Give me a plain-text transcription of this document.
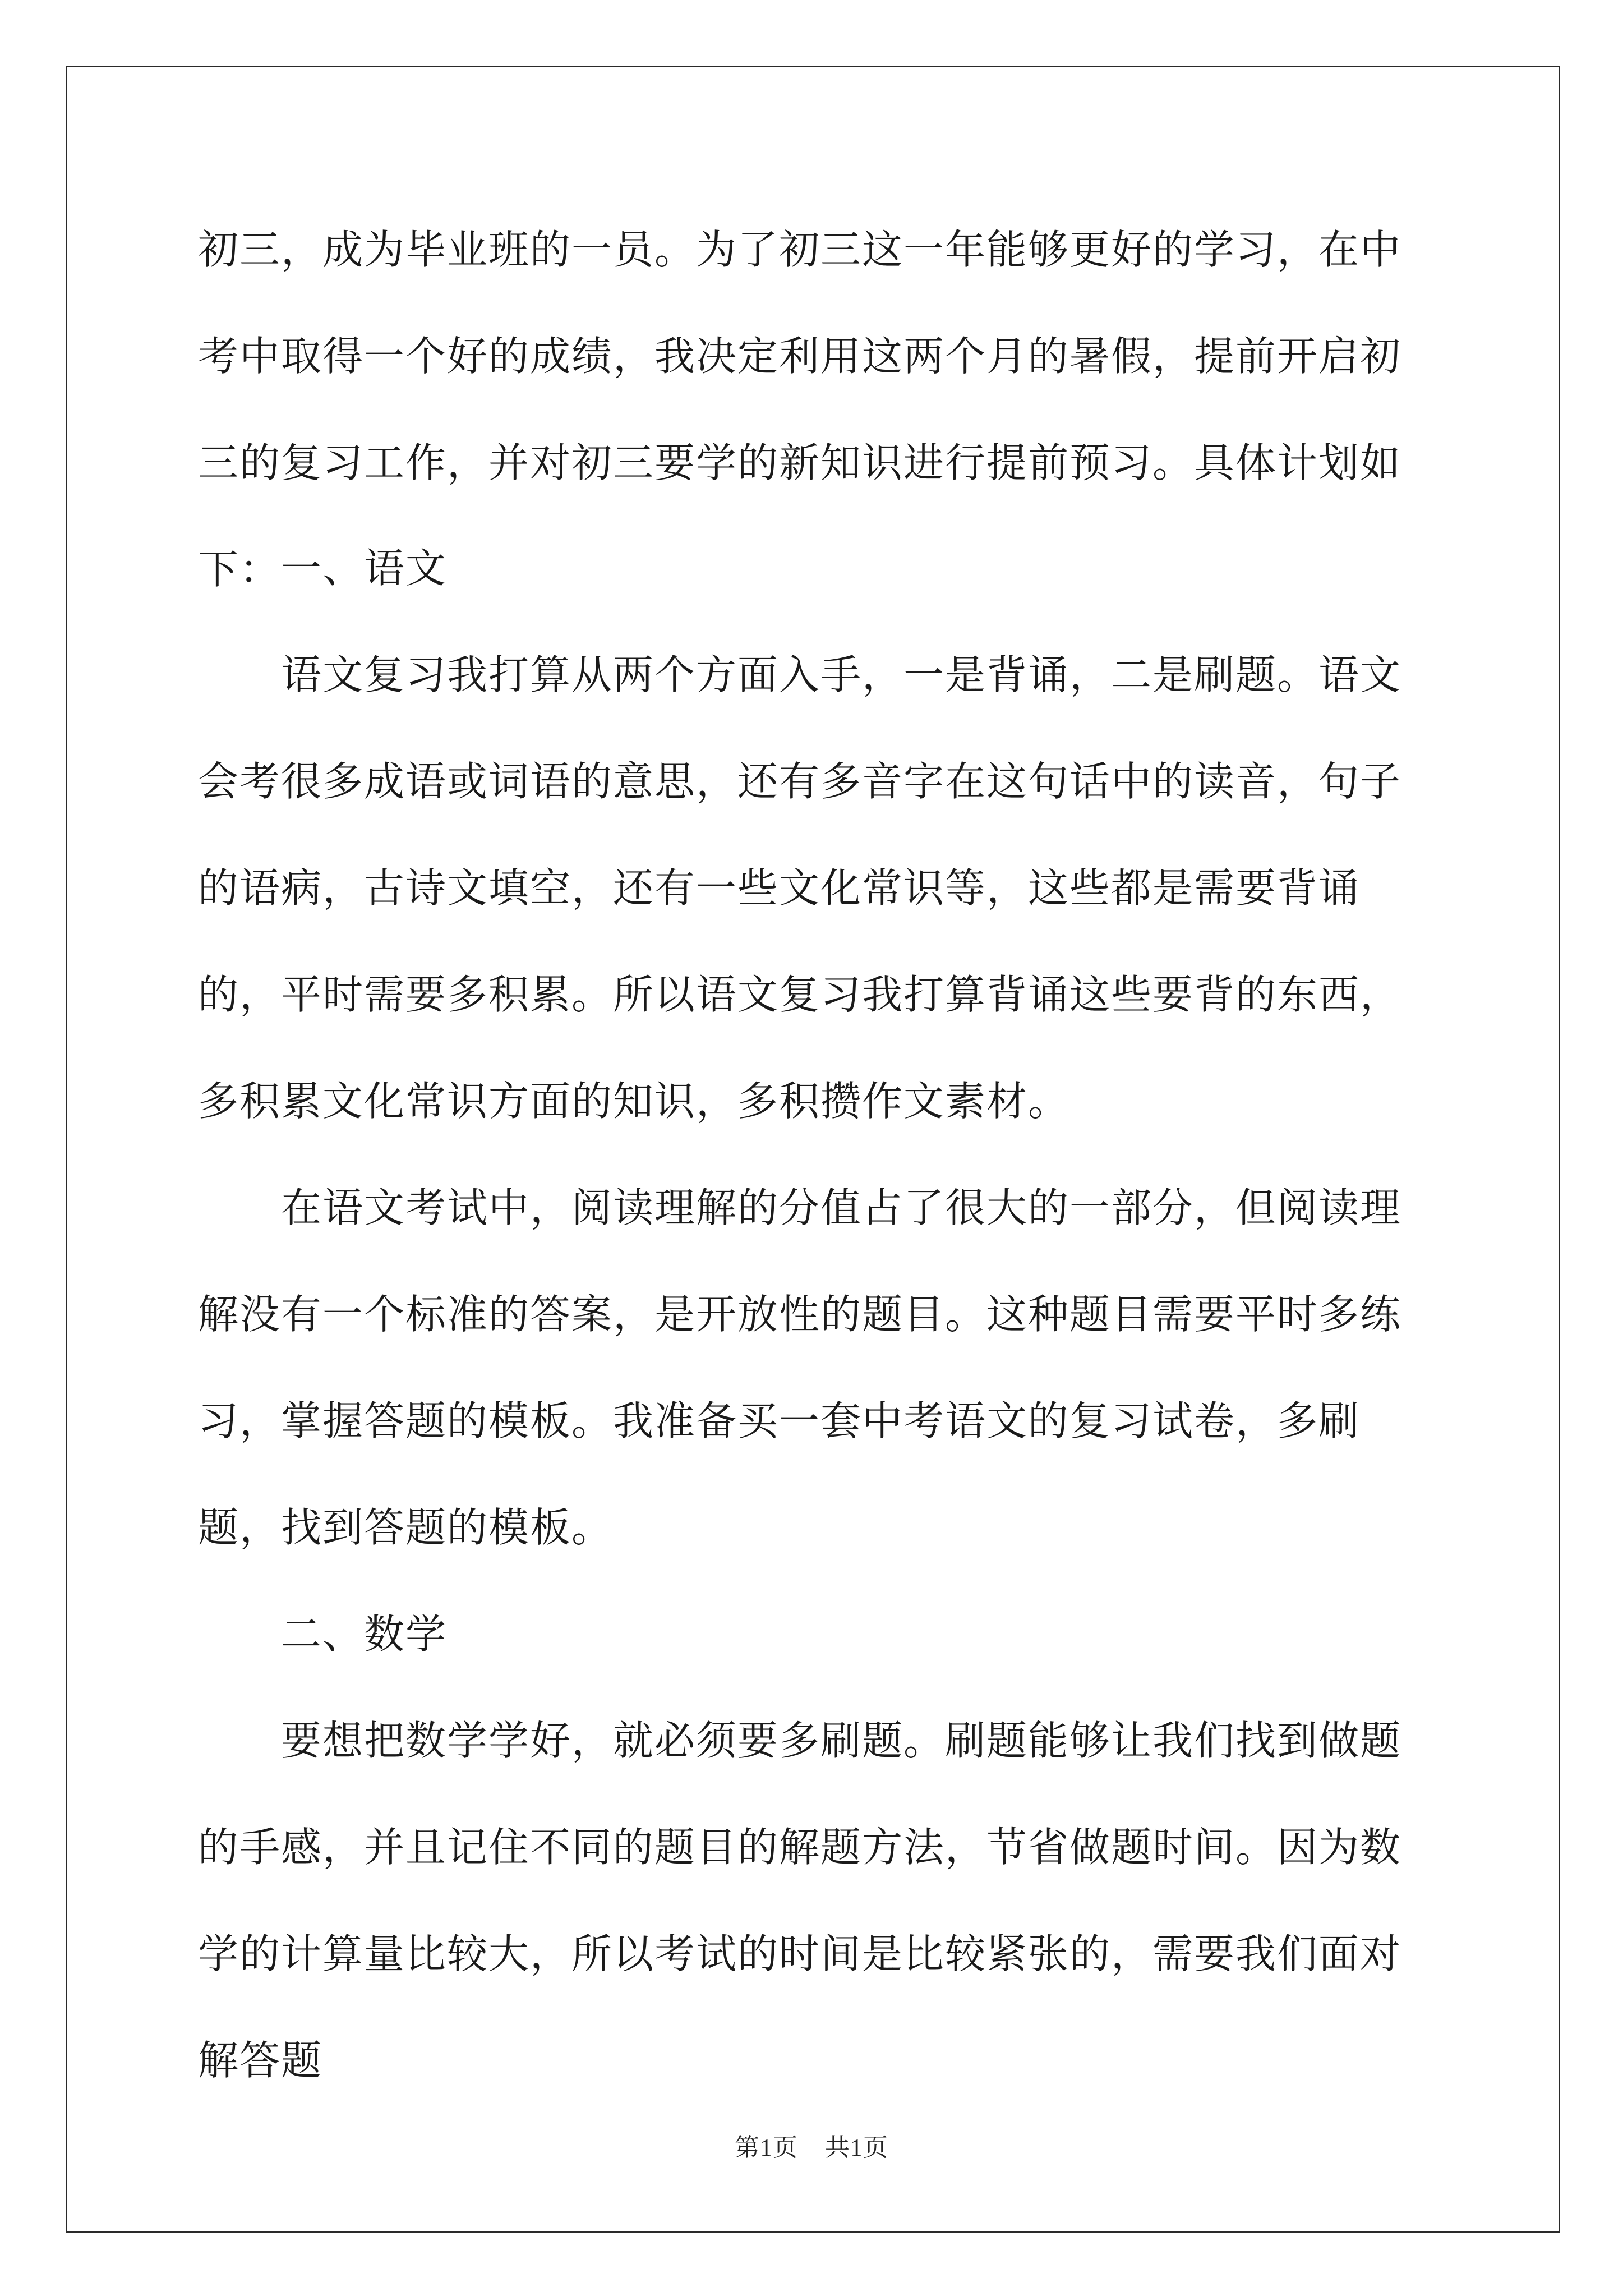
初三，成为毕业班的一员。为了初三这一年能够更好的学习，在中考中取得一个好的成绩，我决定利用这两个月的暑假，提前开启初三的复习工作，并对初三要学的新知识进行提前预习。具体计划如下： 一、语文

语文复习我打算从两个方面入手，一是背诵，二是刷题。语文会考很多成语或词语的意思，还有多音字在这句话中的读音，句子的语病，古诗文填空，还有一些文化常识等，这些都是需要背诵的，平时需要多积累。所以语文复习我打算背诵这些要背的东西，多积累文化常识方面的知识，多积攒作文素材。

在语文考试中，阅读理解的分值占了很大的一部分，但阅读理解没有一个标准的答案，是开放性的题目。这种题目需要平时多练习，掌握答题的模板。我准备买一套中考语文的复习试卷，多刷题，找到答题的模板。

二、数学

要想把数学学好，就必须要多刷题。刷题能够让我们找到做题的手感，并且记住不同的题目的解题方法，节省做题时间。因为数学的计算量比较大，所以考试的时间是比较紧张的，需要我们面对解答题

第1页 共1页
